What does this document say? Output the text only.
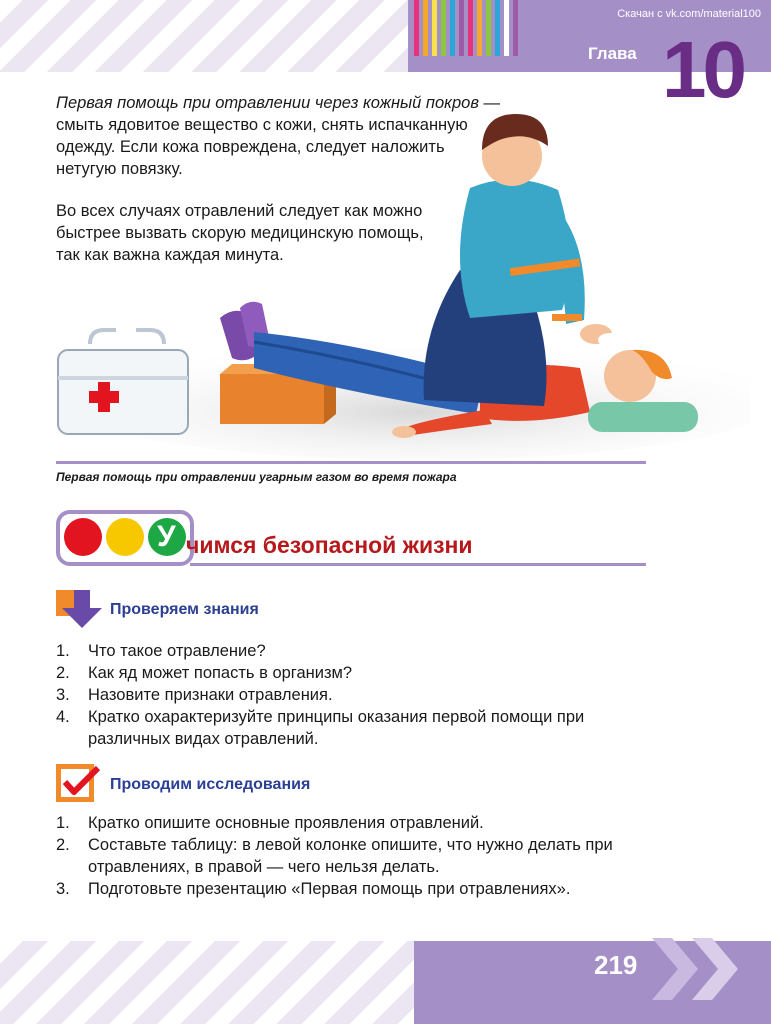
Скачан с vk.com/material100
Глава 10

Первая помощь при отравлении через кожный покров — смыть ядовитое вещество с кожи, снять испачканную одежду. Если кожа повреждена, следует наложить нетугую повязку.

Во всех случаях отравлений следует как можно быстрее вызвать скорую медицинскую помощь, так как важна каждая минута.

Первая помощь при отравлении угарным газом во время пожара
У чимся безопасной жизни
Проверяем знания
1. Что такое отравление?
2. Как яд может попасть в организм?
3. Назовите признаки отравления.
4. Кратко охарактеризуйте принципы оказания первой помощи при различных видах отравлений.
Проводим исследования
1. Кратко опишите основные проявления отравлений.
2. Составьте таблицу: в левой колонке опишите, что нужно делать при отравлениях, в правой — чего нельзя делать.
3. Подготовьте презентацию «Первая помощь при отравлениях».
219
